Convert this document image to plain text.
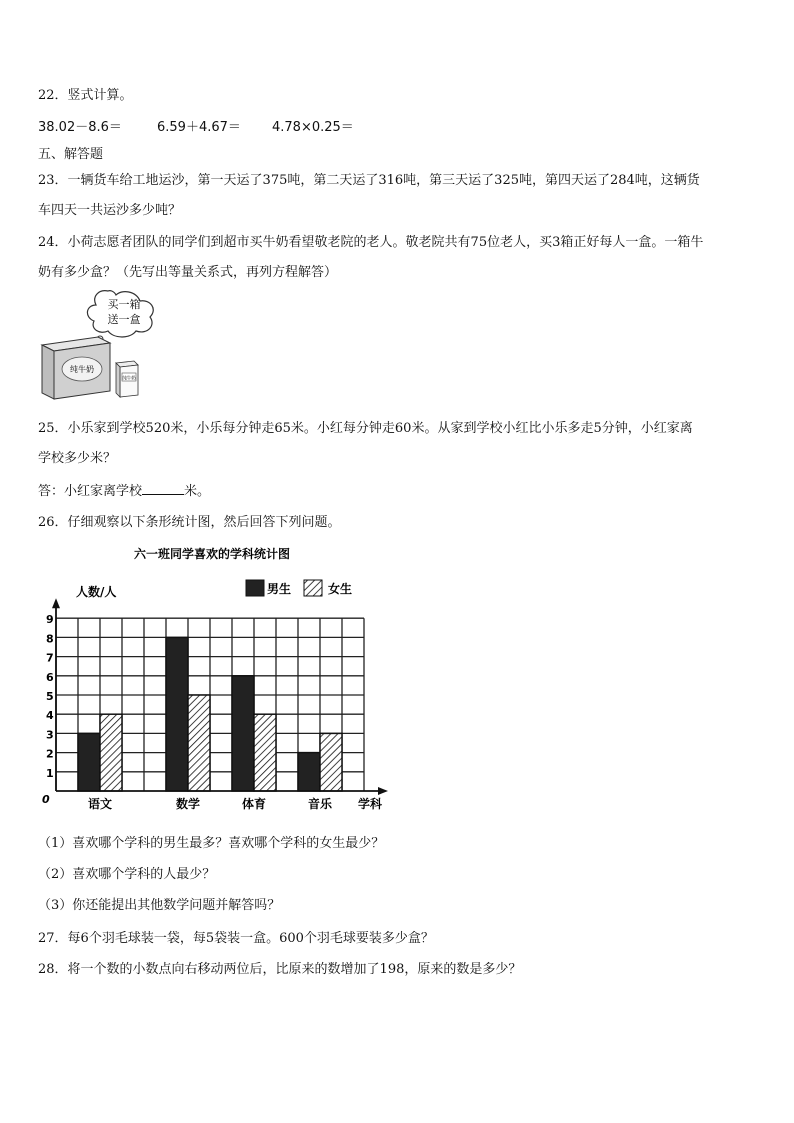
22．竖式计算。
38.02－8.6＝	6.59＋4.67＝ 4.78×0.25＝
五、解答题
23．一辆货车给工地运沙，第一天运了375吨，第二天运了316吨，第三天运了325吨，第四天运了284吨，这辆货
车四天一共运沙多少吨？
24．小荷志愿者团队的同学们到超市买牛奶看望敬老院的老人。敬老院共有75位老人，买3箱正好每人一盒。一箱牛
奶有多少盒？（先写出等量关系式，再列方程解答）
买一箱
送一盒
纯牛奶
纯牛奶
25．小乐家到学校520米，小乐每分钟走65米。小红每分钟走60米。从家到学校小红比小乐多走5分钟，小红家离
学校多少米？
答：小红家离学校	米。
26．仔细观察以下条形统计图，然后回答下列问题。
六一班同学喜欢的学科统计图
人数/人	男生	女生
0
1
2
3
4
5
6
7
8
9
语文	数学	体育	音乐 学科
（1）喜欢哪个学科的男生最多？喜欢哪个学科的女生最少？
（2）喜欢哪个学科的人最少？
（3）你还能提出其他数学问题并解答吗？
27．每6个羽毛球装一袋，每5袋装一盒。600个羽毛球要装多少盒？
28．将一个数的小数点向右移动两位后，比原来的数增加了198，原来的数是多少？
